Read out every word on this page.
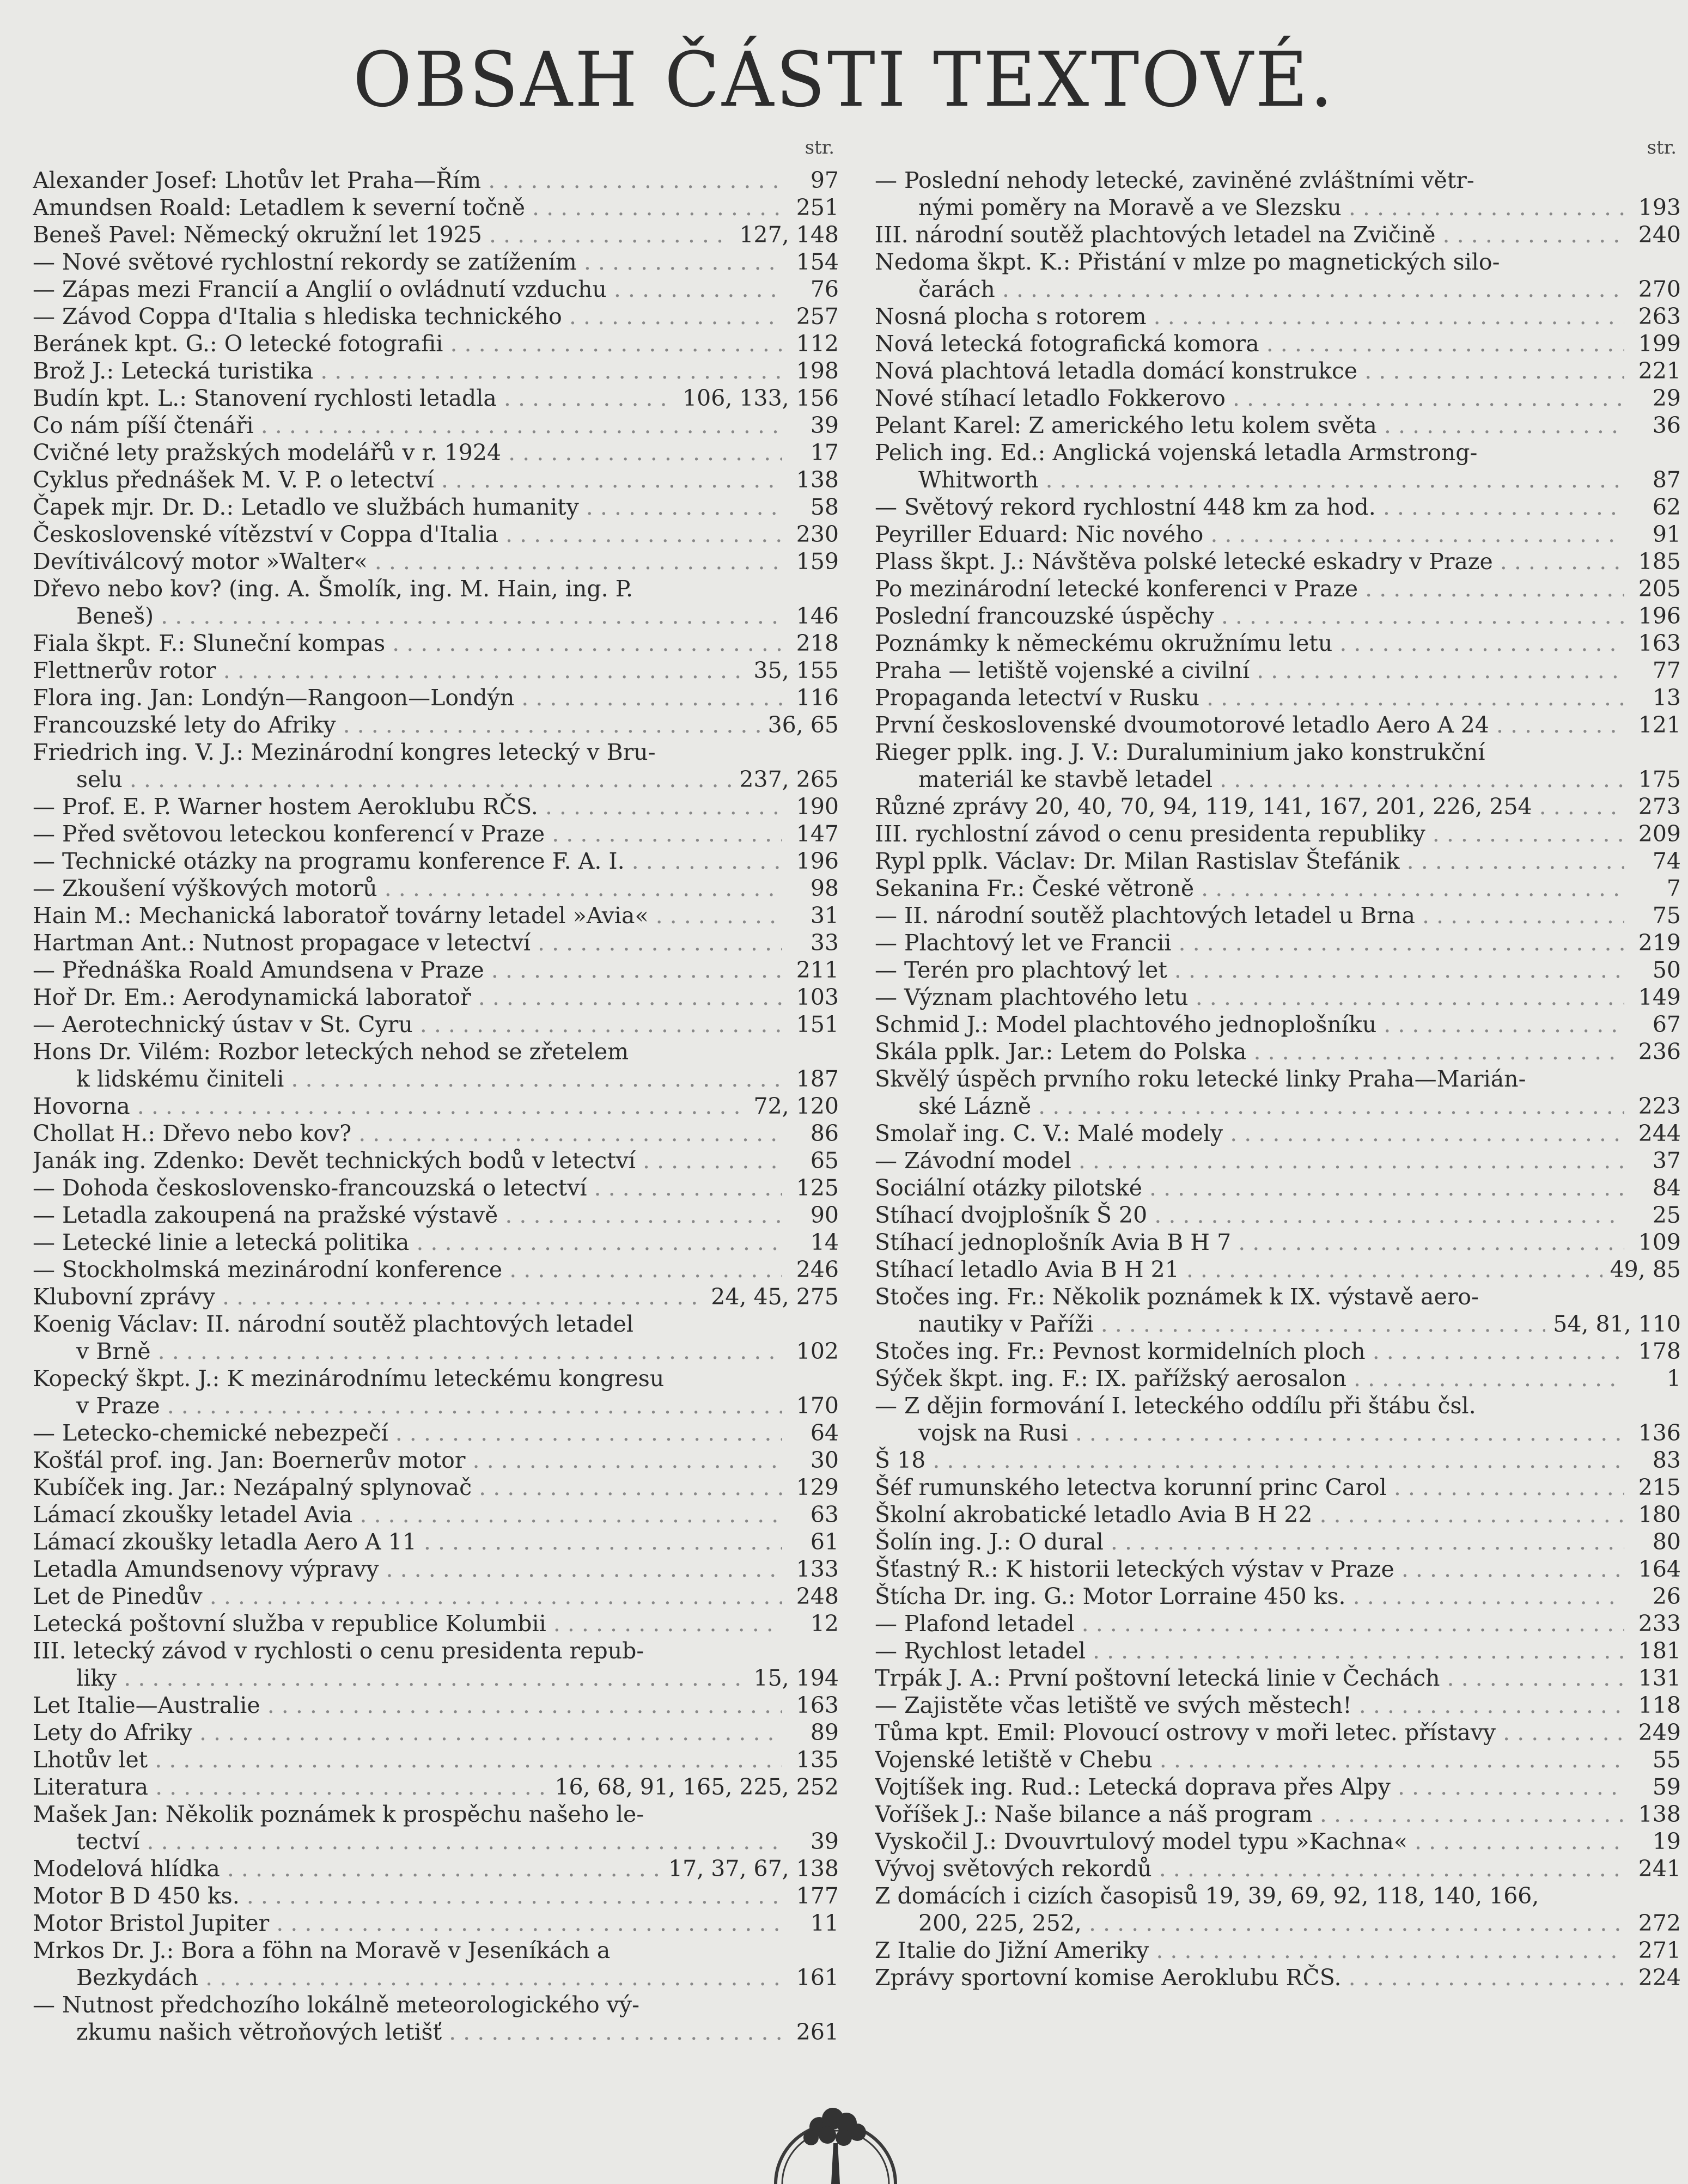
OBSAH ČÁSTI TEXTOVÉ.
str.
Alexander Josef: Lhotův let Praha—Řím . . .	97
Amundsen Roald: Letadlem k severní točně . . .	251
Beneš Pavel: Německý okružní let 1925 . . .	127, 148
— Nové světové rychlostní rekordy se zatížením . . .	154
— Zápas mezi Francií a Anglií o ovládnutí vzduchu . . .	76
— Závod Coppa d'Italia s hlediska technického . . .	257
Beránek kpt. G.: O letecké fotografii . . .	112
Brož J.: Letecká turistika . . .	198
Budín kpt. L.: Stanovení rychlosti letadla . . .	106, 133, 156
Co nám píší čtenáři . . .	39
Cvičné lety pražských modelářů v r. 1924 . . .	17
Cyklus přednášek M. V. P. o letectví . . .	138
Čapek mjr. Dr. D.: Letadlo ve službách humanity . . .	58
Československé vítězství v Coppa d'Italia . . .	230
Devítiválcový motor »Walter« . . .	159
Dřevo nebo kov? (ing. A. Šmolík, ing. M. Hain, ing. P.
Beneš) . . .	146
Fiala škpt. F.: Sluneční kompas . . .	218
Flettnerův rotor . . .	35, 155
Flora ing. Jan: Londýn—Rangoon—Londýn . . .	116
Francouzské lety do Afriky . . .	36, 65
Friedrich ing. V. J.: Mezinárodní kongres letecký v Bru-
selu . . .	237, 265
— Prof. E. P. Warner hostem Aeroklubu RČS. . . .	190
— Před světovou leteckou konferencí v Praze . . .	147
— Technické otázky na programu konference F. A. I. . . .	196
— Zkoušení výškových motorů . . .	98
Hain M.: Mechanická laboratoř továrny letadel »Avia« . . .	31
Hartman Ant.: Nutnost propagace v letectví . . .	33
— Přednáška Roald Amundsena v Praze . . .	211
Hoř Dr. Em.: Aerodynamická laboratoř . . .	103
— Aerotechnický ústav v St. Cyru . . .	151
Hons Dr. Vilém: Rozbor leteckých nehod se zřetelem
k lidskému činiteli . . .	187
Hovorna . . .	72, 120
Chollat H.: Dřevo nebo kov? . . .	86
Janák ing. Zdenko: Devět technických bodů v letectví . . .	65
— Dohoda československo-francouzská o letectví . . .	125
— Letadla zakoupená na pražské výstavě . . .	90
— Letecké linie a letecká politika . . .	14
— Stockholmská mezinárodní konference . . .	246
Klubovní zprávy . . .	24, 45, 275
Koenig Václav: II. národní soutěž plachtových letadel
v Brně . . .	102
Kopecký škpt. J.: K mezinárodnímu leteckému kongresu
v Praze . . .	170
— Letecko-chemické nebezpečí . . .	64
Košťál prof. ing. Jan: Boernerův motor . . .	30
Kubíček ing. Jar.: Nezápalný splynovač . . .	129
Lámací zkoušky letadel Avia . . .	63
Lámací zkoušky letadla Aero A 11 . . .	61
Letadla Amundsenovy výpravy . . .	133
Let de Pinedův . . .	248
Letecká poštovní služba v republice Kolumbii . . .	12
III. letecký závod v rychlosti o cenu presidenta repub-
liky . . .	15, 194
Let Italie—Australie . . .	163
Lety do Afriky . . .	89
Lhotův let . . .	135
Literatura . . .	16, 68, 91, 165, 225, 252
Mašek Jan: Několik poznámek k prospěchu našeho le-
tectví . . .	39
Modelová hlídka . . .	17, 37, 67, 138
Motor B D 450 ks. . . .	177
Motor Bristol Jupiter . . .	11
Mrkos Dr. J.: Bora a föhn na Moravě v Jeseníkách a
Bezkydách . . .	161
— Nutnost předchozího lokálně meteorologického vý-
zkumu našich větroňových letišť . . .	261
str.
— Poslední nehody letecké, zaviněné zvláštními větr-
nými poměry na Moravě a ve Slezsku . . .	193
III. národní soutěž plachtových letadel na Zvičině . . .	240
Nedoma škpt. K.: Přistání v mlze po magnetických silo-
čarách . . .	270
Nosná plocha s rotorem . . .	263
Nová letecká fotografická komora . . .	199
Nová plachtová letadla domácí konstrukce . . .	221
Nové stíhací letadlo Fokkerovo . . .	29
Pelant Karel: Z amerického letu kolem světa . . .	36
Pelich ing. Ed.: Anglická vojenská letadla Armstrong-
Whitworth . . .	87
— Světový rekord rychlostní 448 km za hod. . . .	62
Peyriller Eduard: Nic nového . . .	91
Plass škpt. J.: Návštěva polské letecké eskadry v Praze . . .	185
Po mezinárodní letecké konferenci v Praze . . .	205
Poslední francouzské úspěchy . . .	196
Poznámky k německému okružnímu letu . . .	163
Praha — letiště vojenské a civilní . . .	77
Propaganda letectví v Rusku . . .	13
První československé dvoumotorové letadlo Aero A 24 . . .	121
Rieger pplk. ing. J. V.: Duraluminium jako konstrukční
materiál ke stavbě letadel . . .	175
Různé zprávy 20, 40, 70, 94, 119, 141, 167, 201, 226, 254 . . .	273
III. rychlostní závod o cenu presidenta republiky . . .	209
Rypl pplk. Václav: Dr. Milan Rastislav Štefánik . . .	74
Sekanina Fr.: České větroně . . .	7
— II. národní soutěž plachtových letadel u Brna . . .	75
— Plachtový let ve Francii . . .	219
— Terén pro plachtový let . . .	50
— Význam plachtového letu . . .	149
Schmid J.: Model plachtového jednoplošníku . . .	67
Skála pplk. Jar.: Letem do Polska . . .	236
Skvělý úspěch prvního roku letecké linky Praha—Marián-
ské Lázně . . .	223
Smolař ing. C. V.: Malé modely . . .	244
— Závodní model . . .	37
Sociální otázky pilotské . . .	84
Stíhací dvojplošník Š 20 . . .	25
Stíhací jednoplošník Avia B H 7 . . .	109
Stíhací letadlo Avia B H 21 . . .	49, 85
Stočes ing. Fr.: Několik poznámek k IX. výstavě aero-
nautiky v Paříži . . .	54, 81, 110
Stočes ing. Fr.: Pevnost kormidelních ploch . . .	178
Sýček škpt. ing. F.: IX. pařížský aerosalon . . .	1
— Z dějin formování I. leteckého oddílu při štábu čsl.
vojsk na Rusi . . .	136
Š 18 . . .	83
Šéf rumunského letectva korunní princ Carol . . .	215
Školní akrobatické letadlo Avia B H 22 . . .	180
Šolín ing. J.: O dural . . .	80
Šťastný R.: K historii leteckých výstav v Praze . . .	164
Štícha Dr. ing. G.: Motor Lorraine 450 ks. . . .	26
— Plafond letadel . . .	233
— Rychlost letadel . . .	181
Trpák J. A.: První poštovní letecká linie v Čechách . . .	131
— Zajistěte včas letiště ve svých městech! . . .	118
Tůma kpt. Emil: Plovoucí ostrovy v moři letec. přístavy . . .	249
Vojenské letiště v Chebu . . .	55
Vojtíšek ing. Rud.: Letecká doprava přes Alpy . . .	59
Voříšek J.: Naše bilance a náš program . . .	138
Vyskočil J.: Dvouvrtulový model typu »Kachna« . . .	19
Vývoj světových rekordů . . .	241
Z domácích i cizích časopisů 19, 39, 69, 92, 118, 140, 166,
200, 225, 252, . . .	272
Z Italie do Jižní Ameriky . . .	271
Zprávy sportovní komise Aeroklubu RČS. . . .	224
